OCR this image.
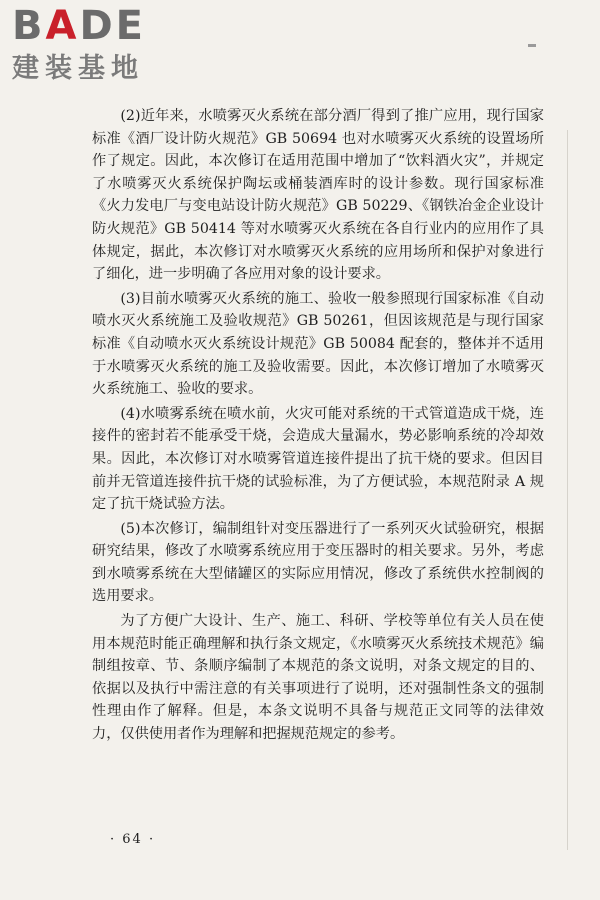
B A DE
建装基地

(2)近年来，水喷雾灭火系统在部分酒厂得到了推广应用，现行国家标准《酒厂设计防火规范》GB 50694 也对水喷雾灭火系统的设置场所作了规定。因此，本次修订在适用范围中增加了“饮料酒火灾”，并规定了水喷雾灭火系统保护陶坛或桶装酒库时的设计参数。现行国家标准《火力发电厂与变电站设计防火规范》GB 50229、《钢铁冶金企业设计防火规范》GB 50414 等对水喷雾灭火系统在各自行业内的应用作了具体规定，据此，本次修订对水喷雾灭火系统的应用场所和保护对象进行了细化，进一步明确了各应用对象的设计要求。

(3)目前水喷雾灭火系统的施工、验收一般参照现行国家标准《自动喷水灭火系统施工及验收规范》GB 50261，但因该规范是与现行国家标准《自动喷水灭火系统设计规范》GB 50084 配套的，整体并不适用于水喷雾灭火系统的施工及验收需要。因此，本次修订增加了水喷雾灭火系统施工、验收的要求。

(4)水喷雾系统在喷水前，火灾可能对系统的干式管道造成干烧，连接件的密封若不能承受干烧，会造成大量漏水，势必影响系统的冷却效果。因此，本次修订对水喷雾管道连接件提出了抗干烧的要求。但因目前并无管道连接件抗干烧的试验标准，为了方便试验，本规范附录 A 规定了抗干烧试验方法。

(5)本次修订，编制组针对变压器进行了一系列灭火试验研究，根据研究结果，修改了水喷雾系统应用于变压器时的相关要求。另外，考虑到水喷雾系统在大型储罐区的实际应用情况，修改了系统供水控制阀的选用要求。

为了方便广大设计、生产、施工、科研、学校等单位有关人员在使用本规范时能正确理解和执行条文规定，《水喷雾灭火系统技术规范》编制组按章、节、条顺序编制了本规范的条文说明，对条文规定的目的、依据以及执行中需注意的有关事项进行了说明，还对强制性条文的强制性理由作了解释。但是，本条文说明不具备与规范正文同等的法律效力，仅供使用者作为理解和把握规范规定的参考。

· 64 ·
